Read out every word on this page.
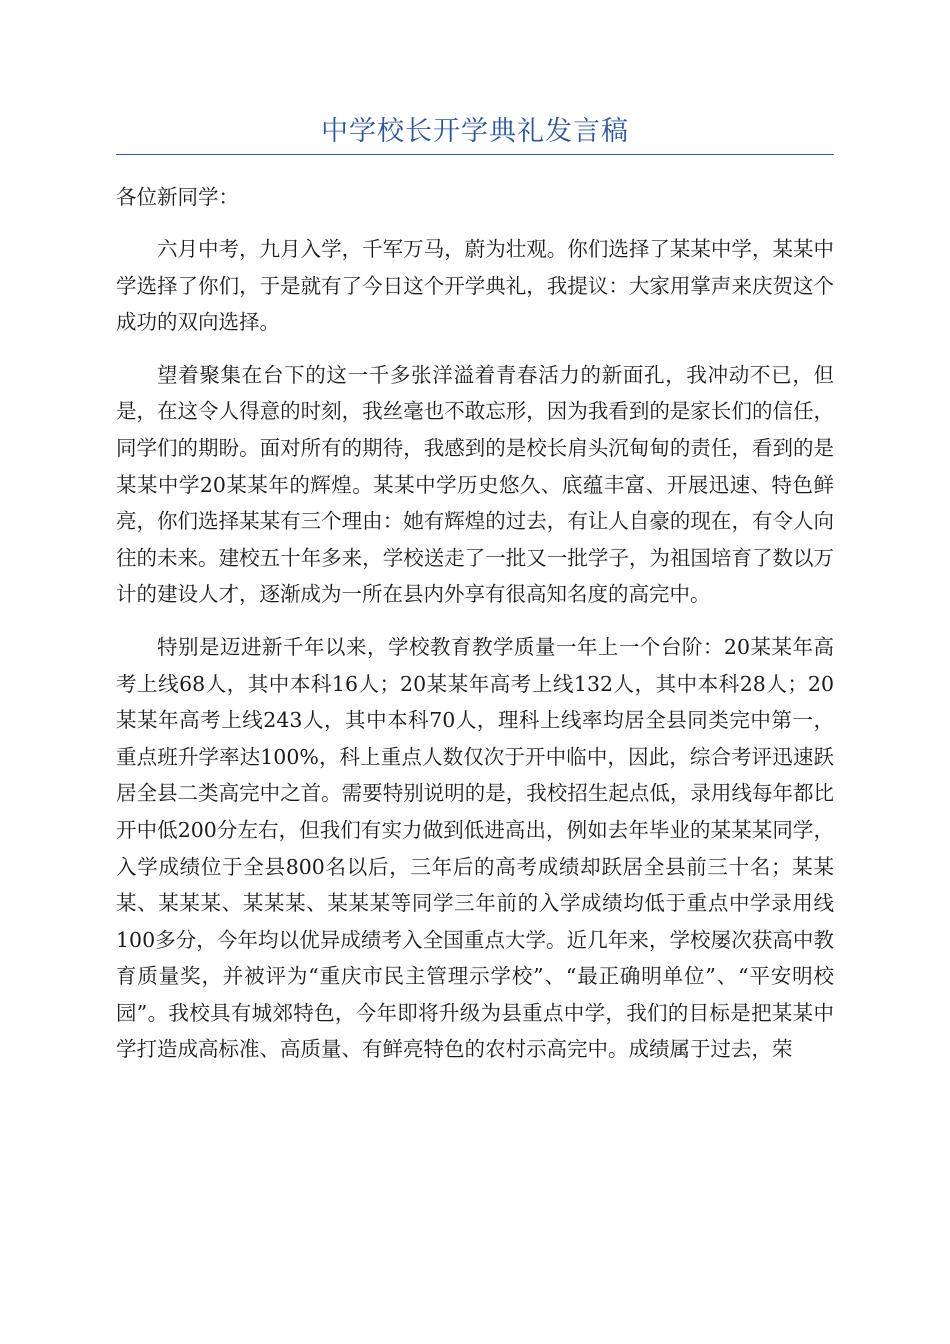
中学校长开学典礼发言稿

各位新同学：

六月中考，九月入学，千军万马，蔚为壮观。你们选择了某某中学，某某中学选择了你们，于是就有了今日这个开学典礼，我提议：大家用掌声来庆贺这个成功的双向选择。

望着聚集在台下的这一千多张洋溢着青春活力的新面孔，我冲动不已，但是，在这令人得意的时刻，我丝毫也不敢忘形，因为我看到的是家长们的信任，同学们的期盼。面对所有的期待，我感到的是校长肩头沉甸甸的责任，看到的是某某中学20某某年的辉煌。某某中学历史悠久、底蕴丰富、开展迅速、特色鲜亮，你们选择某某有三个理由：她有辉煌的过去，有让人自豪的现在，有令人向往的未来。建校五十年多来，学校送走了一批又一批学子，为祖国培育了数以万计的建设人才，逐渐成为一所在县内外享有很高知名度的高完中。

特别是迈进新千年以来，学校教育教学质量一年上一个台阶：20某某年高考上线68人，其中本科16人；20某某年高考上线132人，其中本科28人；20某某年高考上线243人，其中本科70人，理科上线率均居全县同类完中第一，重点班升学率达100%，科上重点人数仅次于开中临中，因此，综合考评迅速跃居全县二类高完中之首。需要特别说明的是，我校招生起点低，录用线每年都比开中低200分左右，但我们有实力做到低进高出，例如去年毕业的某某某同学，入学成绩位于全县800名以后，三年后的高考成绩却跃居全县前三十名；某某某、某某某、某某某、某某某等同学三年前的入学成绩均低于重点中学录用线100多分，今年均以优异成绩考入全国重点大学。近几年来，学校屡次获高中教育质量奖，并被评为“重庆市民主管理示学校”、“最正确明单位”、“平安明校园”。我校具有城郊特色，今年即将升级为县重点中学，我们的目标是把某某中学打造成高标准、高质量、有鲜亮特色的农村示高完中。成绩属于过去，荣
